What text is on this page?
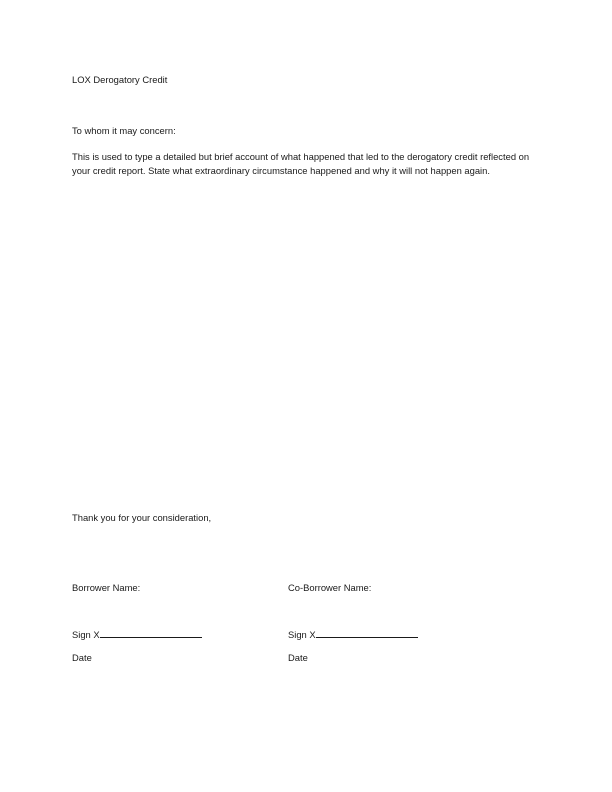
LOX Derogatory Credit
To whom it may concern:
This is used to type a detailed but brief account of what happened that led to the derogatory credit reflected on your credit report. State what extraordinary circumstance happened and why it will not happen again.
Thank you for your consideration,
Borrower Name:	Co-Borrower Name:
Sign X	Sign X
Date	Date
